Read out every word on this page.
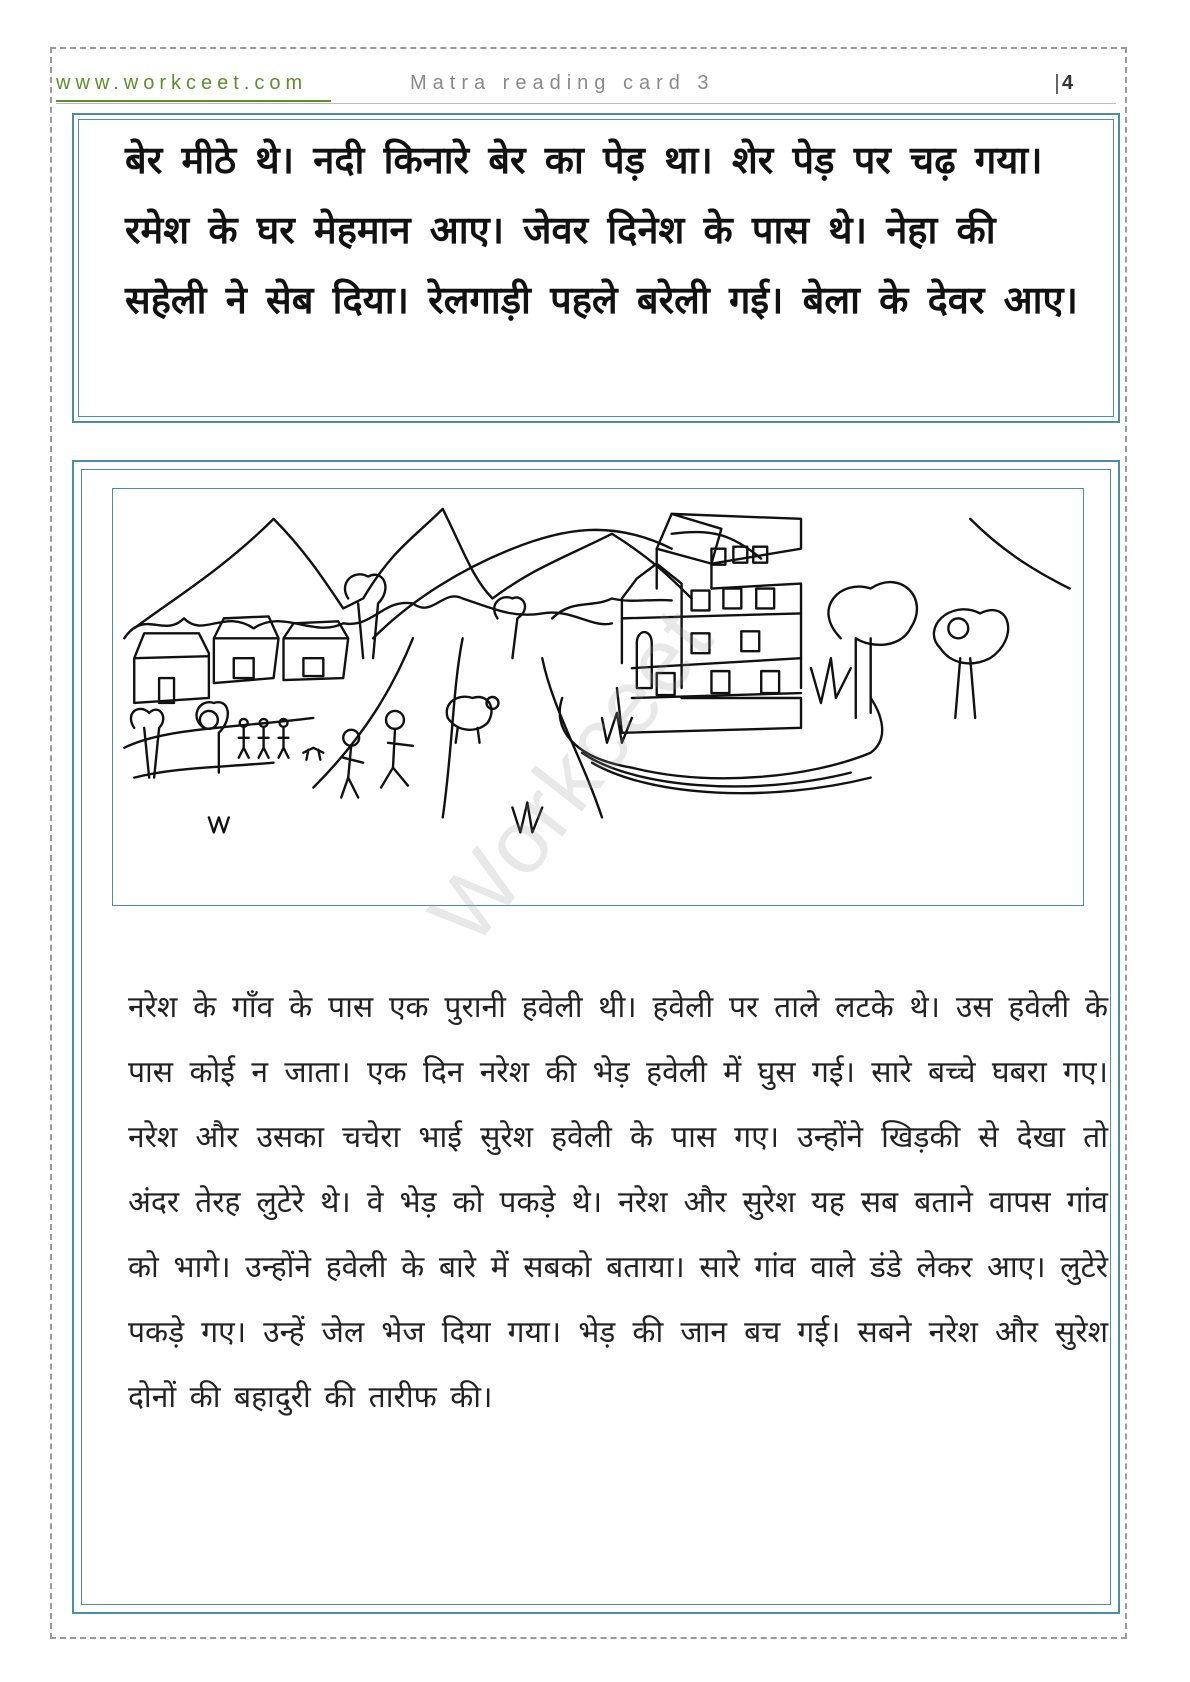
www.workceet.com	Matra reading card 3	4
बेर मीठे थे। नदी किनारे बेर का पेड़ था। शेर पेड़ पर चढ़ गया। रमेश के घर मेहमान आए। जेवर दिनेश के पास थे। नेहा की सहेली ने सेब दिया। रेलगाड़ी पहले बरेली गई। बेला के देवर आए।
Workceet
नरेश के गाँव के पास एक पुरानी हवेली थी। हवेली पर ताले लटके थे। उस हवेली के पास कोई न जाता। एक दिन नरेश की भेड़ हवेली में घुस गई। सारे बच्चे घबरा गए। नरेश और उसका चचेरा भाई सुरेश हवेली के पास गए। उन्होंने खिड़की से देखा तो अंदर तेरह लुटेरे थे। वे भेड़ को पकड़े थे। नरेश और सुरेश यह सब बताने वापस गांव को भागे। उन्होंने हवेली के बारे में सबको बताया। सारे गांव वाले डंडे लेकर आए। लुटेरे पकड़े गए। उन्हें जेल भेज दिया गया। भेड़ की जान बच गई। सबने नरेश और सुरेश दोनों की बहादुरी की तारीफ की।
